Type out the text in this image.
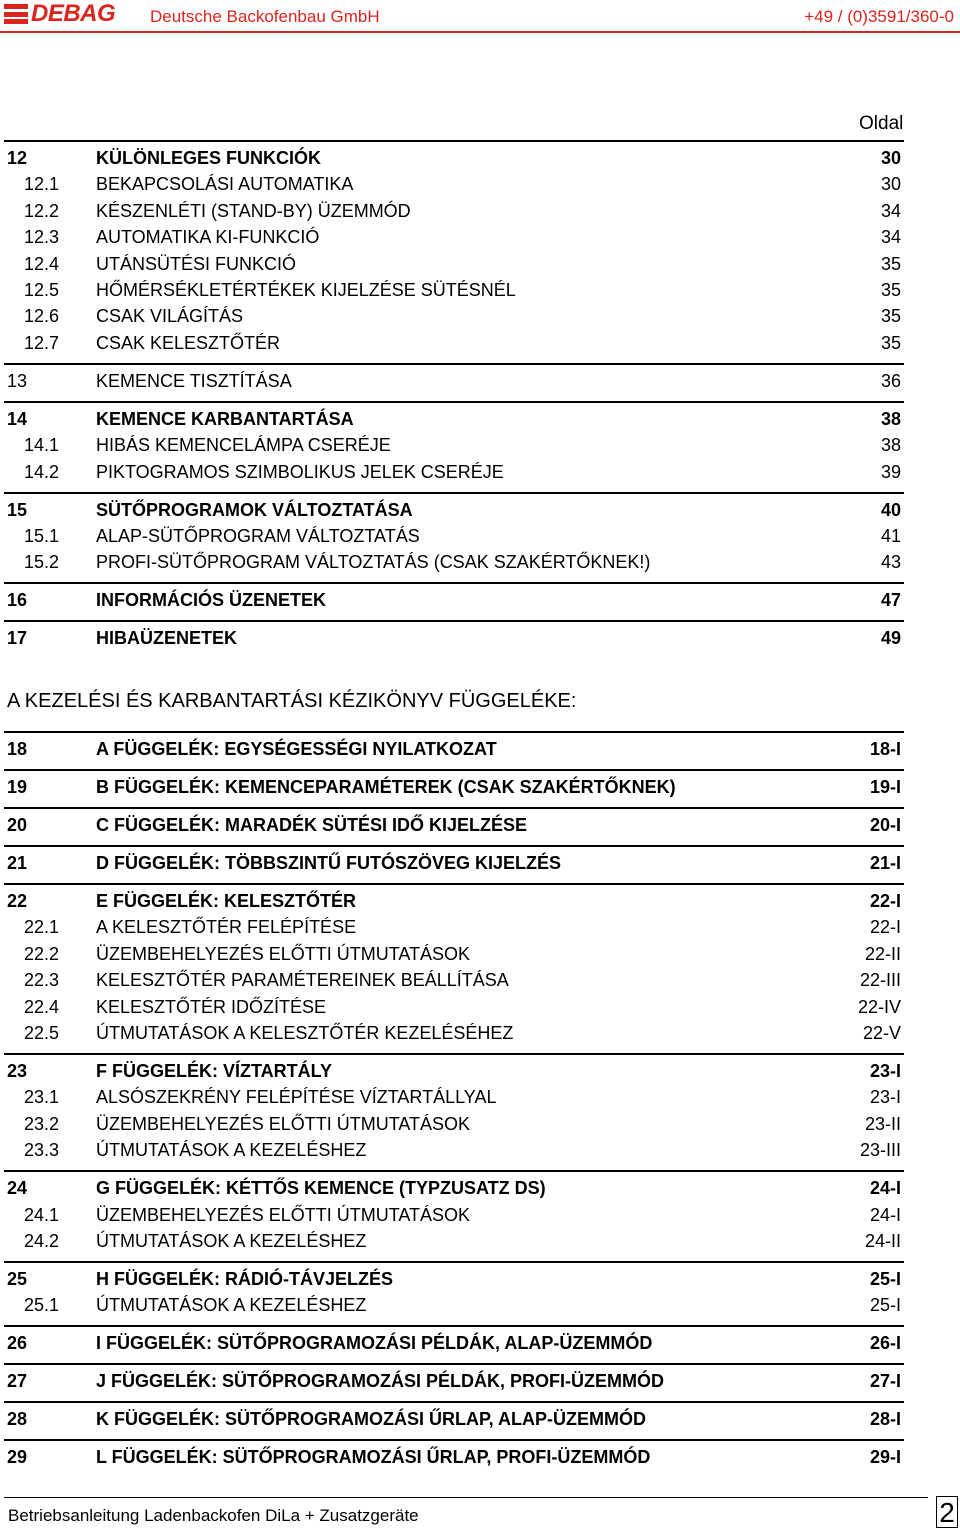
DEBAG Deutsche Backofenbau GmbH	+49 / (0)3591/360-0
Oldal
12	KÜLÖNLEGES FUNKCIÓK	30
12.1 BEKAPCSOLÁSI AUTOMATIKA	30
12.2 KÉSZENLÉTI (STAND-BY) ÜZEMMÓD	34
12.3 AUTOMATIKA KI-FUNKCIÓ	34
12.4 UTÁNSÜTÉSI FUNKCIÓ	35
12.5 HŐMÉRSÉKLETÉRTÉKEK KIJELZÉSE SÜTÉSNÉL	35
12.6 CSAK VILÁGÍTÁS	35
12.7 CSAK KELESZTŐTÉR	35
13	KEMENCE TISZTÍTÁSA	36
14	KEMENCE KARBANTARTÁSA	38
14.1 HIBÁS KEMENCELÁMPA CSERÉJE	38
14.2 PIKTOGRAMOS SZIMBOLIKUS JELEK CSERÉJE	39
15	SÜTŐPROGRAMOK VÁLTOZTATÁSA	40
15.1 ALAP-SÜTŐPROGRAM VÁLTOZTATÁS	41
15.2 PROFI-SÜTŐPROGRAM VÁLTOZTATÁS (CSAK SZAKÉRTŐKNEK!)	43
16	INFORMÁCIÓS ÜZENETEK	47
17	HIBAÜZENETEK	49
A KEZELÉSI ÉS KARBANTARTÁSI KÉZIKÖNYV FÜGGELÉKE:
18	A FÜGGELÉK: EGYSÉGESSÉGI NYILATKOZAT	18-I
19	B FÜGGELÉK: KEMENCEPARAMÉTEREK (CSAK SZAKÉRTŐKNEK)	19-I
20	C FÜGGELÉK: MARADÉK SÜTÉSI IDŐ KIJELZÉSE	20-I
21	D FÜGGELÉK: TÖBBSZINTŰ FUTÓSZÖVEG KIJELZÉS	21-I
22	E FÜGGELÉK: KELESZTŐTÉR	22-I
22.1 A KELESZTŐTÉR FELÉPÍTÉSE	22-I
22.2 ÜZEMBEHELYEZÉS ELŐTTI ÚTMUTATÁSOK	22-II
22.3 KELESZTŐTÉR PARAMÉTEREINEK BEÁLLÍTÁSA	22-III
22.4 KELESZTŐTÉR IDŐZÍTÉSE	22-IV
22.5 ÚTMUTATÁSOK A KELESZTŐTÉR KEZELÉSÉHEZ	22-V
23	F FÜGGELÉK: VÍZTARTÁLY	23-I
23.1 ALSÓSZEKRÉNY FELÉPÍTÉSE VÍZTARTÁLLYAL	23-I
23.2 ÜZEMBEHELYEZÉS ELŐTTI ÚTMUTATÁSOK	23-II
23.3 ÚTMUTATÁSOK A KEZELÉSHEZ	23-III
24	G FÜGGELÉK: KÉTTŐS KEMENCE (TYPZUSATZ DS)	24-I
24.1 ÜZEMBEHELYEZÉS ELŐTTI ÚTMUTATÁSOK	24-I
24.2 ÚTMUTATÁSOK A KEZELÉSHEZ	24-II
25	H FÜGGELÉK: RÁDIÓ-TÁVJELZÉS	25-I
25.1 ÚTMUTATÁSOK A KEZELÉSHEZ	25-I
26	I FÜGGELÉK: SÜTŐPROGRAMOZÁSI PÉLDÁK, ALAP-ÜZEMMÓD	26-I
27	J FÜGGELÉK: SÜTŐPROGRAMOZÁSI PÉLDÁK, PROFI-ÜZEMMÓD	27-I
28	K FÜGGELÉK: SÜTŐPROGRAMOZÁSI ŰRLAP, ALAP-ÜZEMMÓD	28-I
29	L FÜGGELÉK: SÜTŐPROGRAMOZÁSI ŰRLAP, PROFI-ÜZEMMÓD	29-I
Betriebsanleitung Ladenbackofen DiLa + Zusatzgeräte	2
